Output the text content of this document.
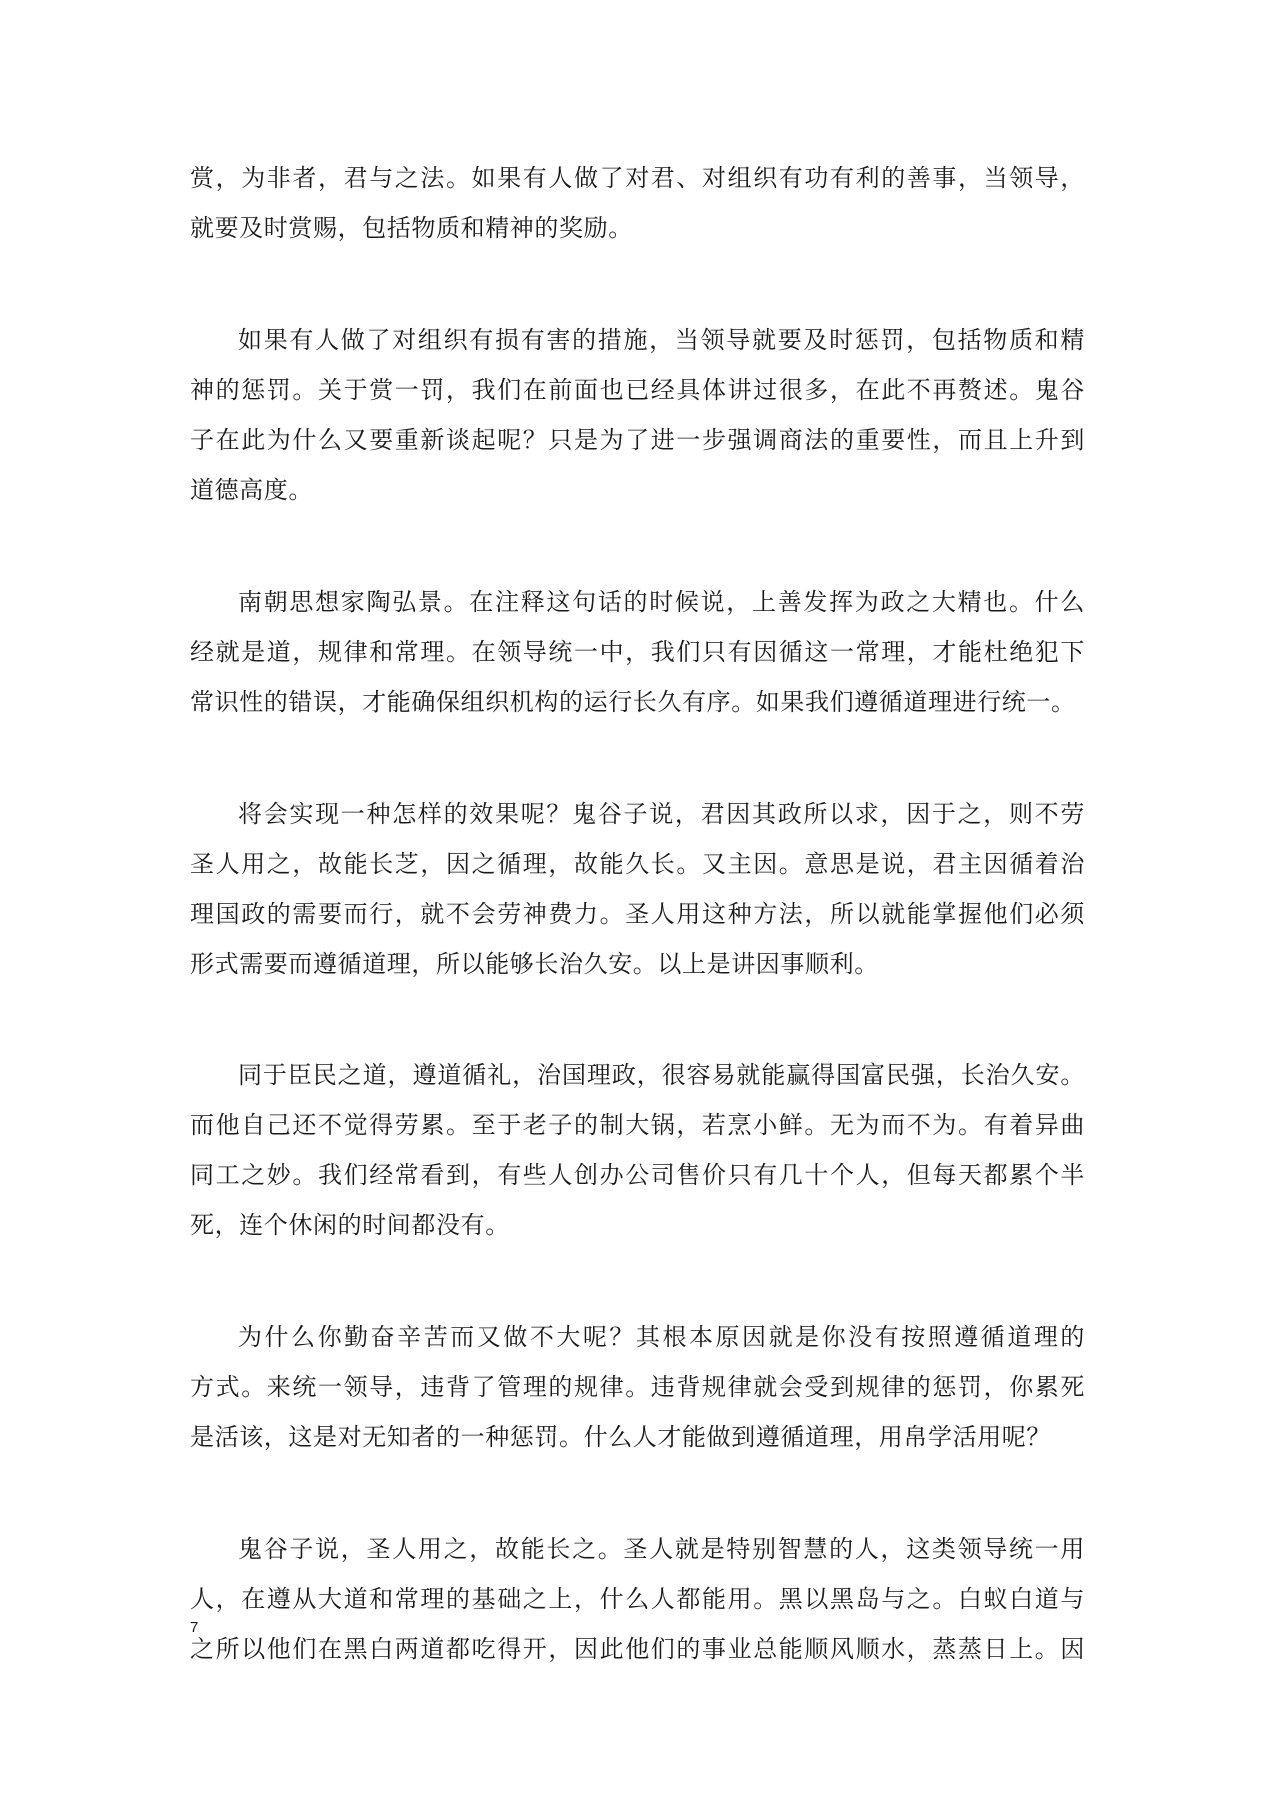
赏，为非者，君与之法。如果有人做了对君、对组织有功有利的善事，当领导，
就要及时赏赐，包括物质和精神的奖励。
如果有人做了对组织有损有害的措施，当领导就要及时惩罚，包括物质和精
神的惩罚。关于赏一罚，我们在前面也已经具体讲过很多，在此不再赘述。鬼谷
子在此为什么又要重新谈起呢？只是为了进一步强调商法的重要性，而且上升到
道德高度。
南朝思想家陶弘景。在注释这句话的时候说，上善发挥为政之大精也。什么
经就是道，规律和常理。在领导统一中，我们只有因循这一常理，才能杜绝犯下
常识性的错误，才能确保组织机构的运行长久有序。如果我们遵循道理进行统一。
将会实现一种怎样的效果呢？鬼谷子说，君因其政所以求，因于之，则不劳
圣人用之，故能长芝，因之循理，故能久长。又主因。意思是说，君主因循着治
理国政的需要而行，就不会劳神费力。圣人用这种方法，所以就能掌握他们必须
形式需要而遵循道理，所以能够长治久安。以上是讲因事顺利。
同于臣民之道，遵道循礼，治国理政，很容易就能赢得国富民强，长治久安。
而他自己还不觉得劳累。至于老子的制大锅，若烹小鲜。无为而不为。有着异曲
同工之妙。我们经常看到，有些人创办公司售价只有几十个人，但每天都累个半
死，连个休闲的时间都没有。
为什么你勤奋辛苦而又做不大呢？其根本原因就是你没有按照遵循道理的
方式。来统一领导，违背了管理的规律。违背规律就会受到规律的惩罚，你累死
是活该，这是对无知者的一种惩罚。什么人才能做到遵循道理，用帛学活用呢？
鬼谷子说，圣人用之，故能长之。圣人就是特别智慧的人，这类领导统一用
人，在遵从大道和常理的基础之上，什么人都能用。黑以黑岛与之。白蚁白道与
之所以他们在黑白两道都吃得开，因此他们的事业总能顺风顺水，蒸蒸日上。因
7
